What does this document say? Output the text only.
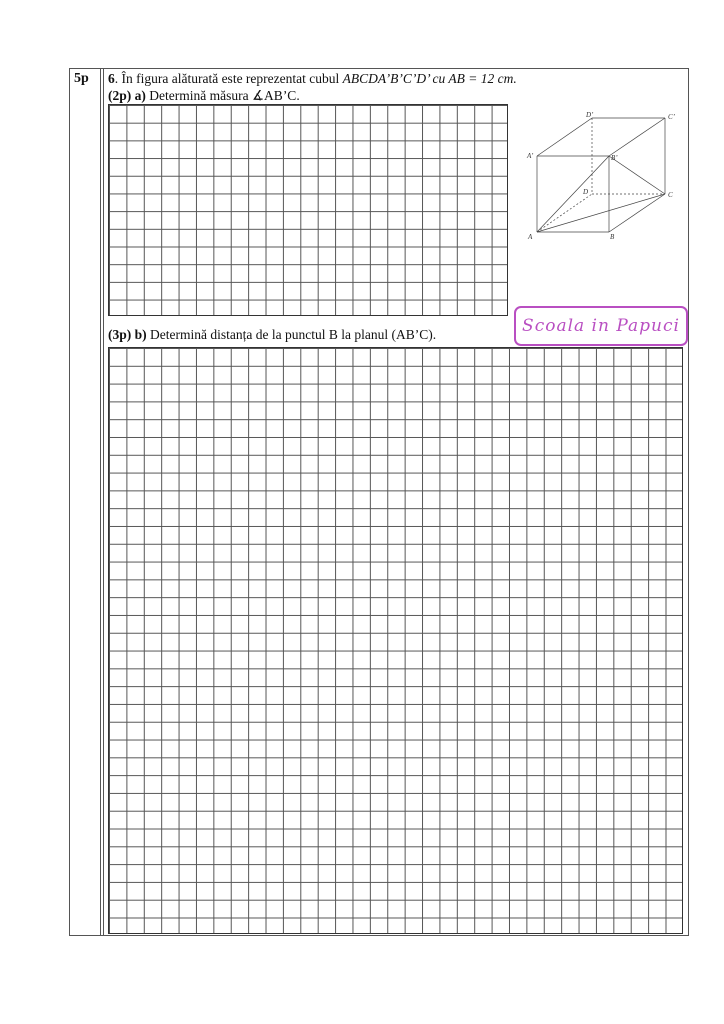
5p 6. În figura alăturată este reprezentat cubul ABCDA’B’C’D’ cu AB = 12 cm.
(2p) a) Determină măsura ∡AB’C.
D’	C’
A’	B’
D	C
A	B
(3p) b) Determină distanța de la punctul B la planul (AB’C).	Scoala in Papuci
